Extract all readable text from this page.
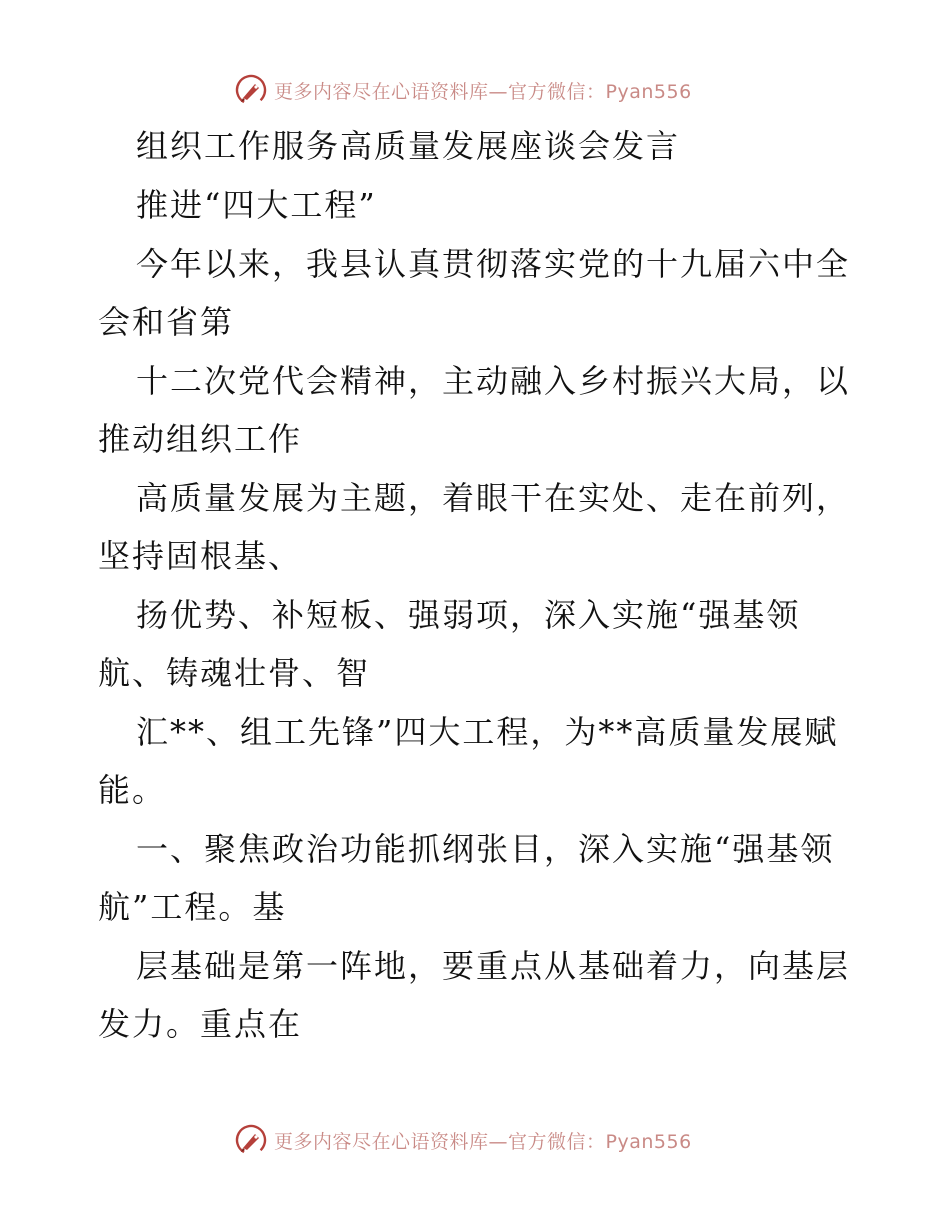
更多内容尽在心语资料库—官方微信：Pyan556

组织工作服务高质量发展座谈会发言

推进“四大工程”

今年以来，我县认真贯彻落实党的十九届六中全

会和省第

十二次党代会精神，主动融入乡村振兴大局，以

推动组织工作

高质量发展为主题，着眼干在实处、走在前列，

坚持固根基、

扬优势、补短板、强弱项，深入实施“强基领

航、铸魂壮骨、智

汇**、组工先锋”四大工程，为**高质量发展赋

能。

一、聚焦政治功能抓纲张目，深入实施“强基领

航”工程。基

层基础是第一阵地，要重点从基础着力，向基层

发力。重点在

更多内容尽在心语资料库—官方微信：Pyan556
